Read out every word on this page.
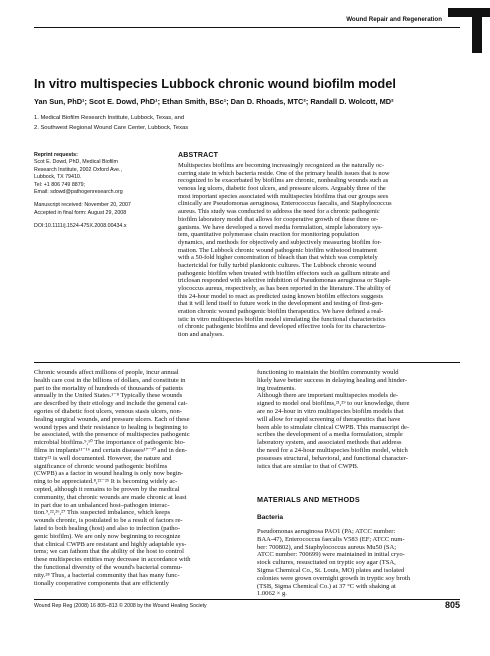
Wound Repair and Regeneration
In vitro multispecies Lubbock chronic wound biofilm model
Yan Sun, PhD¹; Scot E. Dowd, PhD¹; Ethan Smith, BSc¹; Dan D. Rhoads, MTC²; Randall D. Wolcott, MD²
1. Medical Biofilm Research Institute, Lubbock, Texas, and
2. Southwest Regional Wound Care Center, Lubbock, Texas
Reprint requests:
Scot E. Dowd, PhD, Medical Biofilm
Research Institute, 2002 Oxford Ave.,
Lubbock, TX 79410.
Tel: +1 806 749 8879;
Email: sdowd@pathogenresearch.org
Manuscript received: November 20, 2007
Accepted in final form: August 29, 2008
DOI:10.1111/j.1524-475X.2008.00434.x
ABSTRACT
Multispecies biofilms are becoming increasingly recognized as the naturally oc-
curring state in which bacteria reside. One of the primary health issues that is now
recognized to be exacerbated by biofilms are chronic, nonhealing wounds such as
venous leg ulcers, diabetic foot ulcers, and pressure ulcers. Arguably three of the
most important species associated with multispecies biofilms that our groups sees
clinically are Pseudomonas aeruginosa, Enterococcus faecalis, and Staphylococcus
aureus. This study was conducted to address the need for a chronic pathogenic
biofilm laboratory model that allows for cooperative growth of these three or-
ganisms. We have developed a novel media formulation, simple laboratory sys-
tem, quantitative polymerase chain reaction for monitoring population
dynamics, and methods for objectively and subjectively measuring biofilm for-
mation. The Lubbock chronic wound pathogenic biofilm withstood treatment
with a 50-fold higher concentration of bleach than that which was completely
bactericidal for fully turbid planktonic cultures. The Lubbock chronic wound
pathogenic biofilm when treated with biofilm effectors such as gallium nitrate and
triclosan responded with selective inhibition of Pseudomonas aeruginosa or Staph-
ylococcus aureus, respectively, as has been reported in the literature. The ability of
this 24-hour model to react as predicted using known biofilm effectors suggests
that it will lend itself to future work in the development and testing of first-gen-
eration chronic wound pathogenic biofilm therapeutics. We have defined a real-
istic in vitro multispecies biofilm model simulating the functional characteristics
of chronic pathogenic biofilms and developed effective tools for its characteriza-
tion and analyses.
Chronic wounds affect millions of people, incur annual
health care cost in the billions of dollars, and constitute in
part to the mortality of hundreds of thousands of patients
annually in the United States.¹⁻⁸ Typically these wounds
are described by their etiology and include the general cat-
egories of diabetic foot ulcers, venous stasis ulcers, non-
healing surgical wounds, and pressure ulcers. Each of these
wound types and their resistance to healing is beginning to
be associated, with the presence of multispecies pathogenic
microbial biofilms.⁹,¹⁰ The importance of pathogenic bio-
films in implants¹¹⁻¹⁶ and certain diseases¹⁷⁻²⁰ and in den-
tistry²¹ is well documented. However, the nature and
significance of chronic wound pathogenic biofilms
(CWPB) as a factor in wound healing is only now begin-
ning to be appreciated.⁸,²²⁻²⁵ It is becoming widely ac-
cepted, although it remains to be proven by the medical
community, that chronic wounds are made chronic at least
in part due to an unbalanced host–pathogen interac-
tion.⁹,²²,²⁶,²⁷ This suspected imbalance, which keeps
wounds chronic, is postulated to be a result of factors re-
lated to both healing (host) and also to infection (patho-
genic biofilm). We are only now beginning to recognize
that clinical CWPB are resistant and highly adaptable sys-
tems; we can fathom that the ability of the host to control
these multispecies entities may decrease in accordance with
the functional diversity of the wound's bacterial commu-
nity.²⁸ Thus, a bacterial community that has many func-
tionally cooperative components that are efficiently
functioning to maintain the biofilm community would
likely have better success in delaying healing and hinder-
ing treatments.
Although there are important multispecies models de-
signed to model oral biofilms,²¹,²⁹ to our knowledge, there
are no 24-hour in vitro multispecies biofilm models that
will allow for rapid screening of therapeutics that have
been able to simulate clinical CWPB. This manuscript de-
scribes the development of a media formulation, simple
laboratory system, and associated methods that address
the need for a 24-hour multispecies biofilm model, which
possesses structural, behavioral, and functional character-
istics that are similar to that of CWPB.
MATERIALS AND METHODS
Bacteria
Pseudomonas aeruginosa PAO1 (PA; ATCC number:
BAA-47), Enterococcus faecalis V583 (EF; ATCC num-
ber: 700802), and Staphylococcus aureus Mu50 (SA;
ATCC number: 700699) were maintained in initial cryo-
stock cultures, resuscitated on tryptic soy agar (TSA,
Sigma Chemical Co., St. Louis, MO) plates and isolated
colonies were grown overnight growth in tryptic soy broth
(TSB, Sigma Chemical Co.) at 37 °C with shaking at
1.0062 × g.
Wound Rep Reg (2008) 16 805–813 © 2008 by the Wound Healing Society	805
